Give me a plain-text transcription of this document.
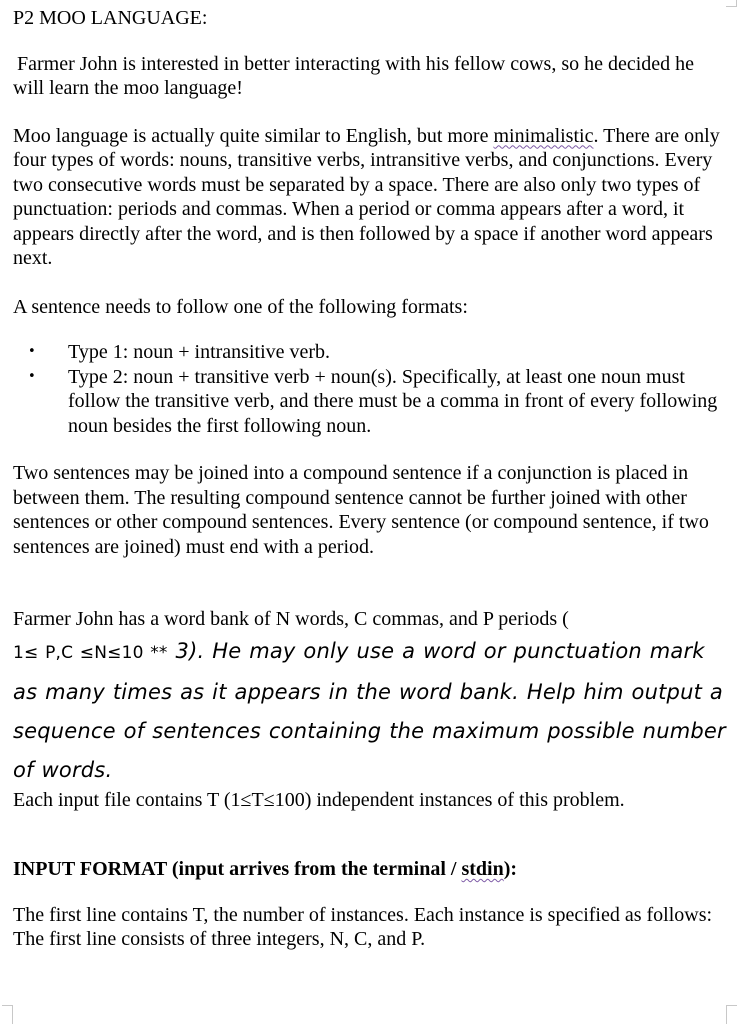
P2 MOO LANGUAGE:

Farmer John is interested in better interacting with his fellow cows, so he decided he will learn the moo language!

Moo language is actually quite similar to English, but more minimalistic. There are only four types of words: nouns, transitive verbs, intransitive verbs, and conjunctions. Every two consecutive words must be separated by a space. There are also only two types of punctuation: periods and commas. When a period or comma appears after a word, it appears directly after the word, and is then followed by a space if another word appears next.

A sentence needs to follow one of the following formats:

• Type 1: noun + intransitive verb.
• Type 2: noun + transitive verb + noun(s). Specifically, at least one noun must follow the transitive verb, and there must be a comma in front of every following noun besides the first following noun.

Two sentences may be joined into a compound sentence if a conjunction is placed in between them. The resulting compound sentence cannot be further joined with other sentences or other compound sentences. Every sentence (or compound sentence, if two sentences are joined) must end with a period.

Farmer John has a word bank of N words, C commas, and P periods (

1≤ P,C ≤N≤10 ** 3). He may only use a word or punctuation mark as many times as it appears in the word bank. Help him output a sequence of sentences containing the maximum possible number of words.

Each input file contains T (1≤T≤100) independent instances of this problem.

INPUT FORMAT (input arrives from the terminal / stdin):

The first line contains T, the number of instances. Each instance is specified as follows:

The first line consists of three integers, N, C, and P.
